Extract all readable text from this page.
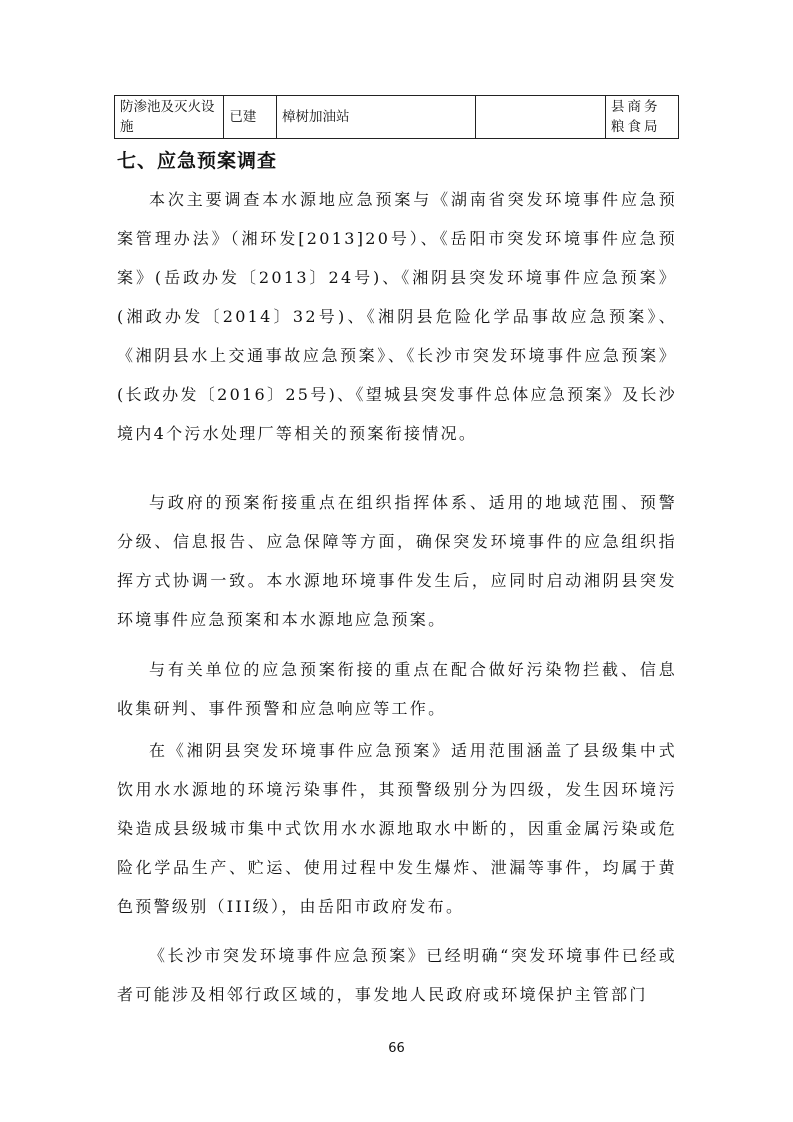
防渗池及灭火设施	已建	樟树加油站		县商务粮食局
七、应急预案调查

本次主要调查本水源地应急预案与《湖南省突发环境事件应急预案管理办法》（湘环发[2013]20号）、《岳阳市突发环境事件应急预案》(岳政办发〔2013〕24号)、《湘阴县突发环境事件应急预案》(湘政办发〔2014〕32号)、《湘阴县危险化学品事故应急预案》、《湘阴县水上交通事故应急预案》、《长沙市突发环境事件应急预案》(长政办发〔2016〕25号)、《望城县突发事件总体应急预案》及长沙境内4个污水处理厂等相关的预案衔接情况。

与政府的预案衔接重点在组织指挥体系、适用的地域范围、预警分级、信息报告、应急保障等方面，确保突发环境事件的应急组织指挥方式协调一致。本水源地环境事件发生后，应同时启动湘阴县突发环境事件应急预案和本水源地应急预案。

与有关单位的应急预案衔接的重点在配合做好污染物拦截、信息收集研判、事件预警和应急响应等工作。

在《湘阴县突发环境事件应急预案》适用范围涵盖了县级集中式饮用水水源地的环境污染事件，其预警级别分为四级，发生因环境污染造成县级城市集中式饮用水水源地取水中断的，因重金属污染或危险化学品生产、贮运、使用过程中发生爆炸、泄漏等事件，均属于黄色预警级别（III级），由岳阳市政府发布。

《长沙市突发环境事件应急预案》已经明确“突发环境事件已经或者可能涉及相邻行政区域的，事发地人民政府或环境保护主管部门

66
